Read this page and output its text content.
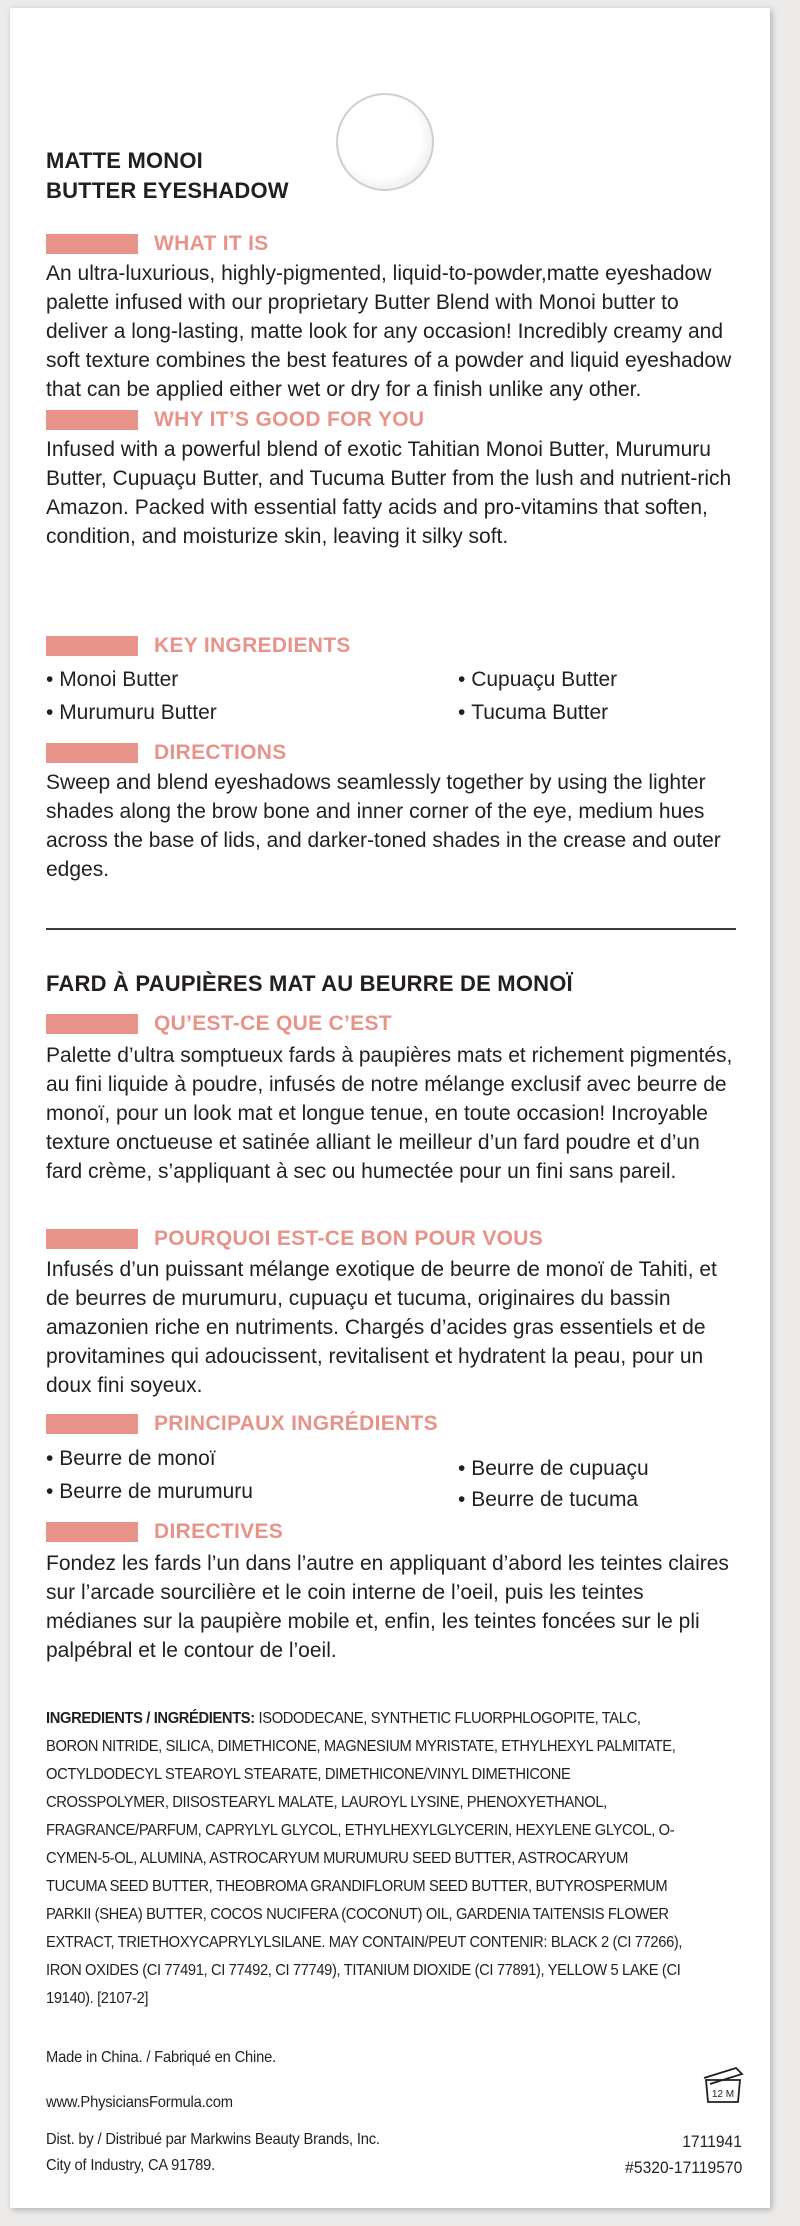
MATTE MONOI
BUTTER EYESHADOW
WHAT IT IS
An ultra-luxurious, highly-pigmented, liquid-to-powder,matte eyeshadow palette infused with our proprietary Butter Blend with Monoi butter to deliver a long-lasting, matte look for any occasion! Incredibly creamy and soft texture combines the best features of a powder and liquid eyeshadow that can be applied either wet or dry for a finish unlike any other.
WHY IT’S GOOD FOR YOU
Infused with a powerful blend of exotic Tahitian Monoi Butter, Murumuru Butter, Cupuaçu Butter, and Tucuma Butter from the lush and nutrient-rich Amazon. Packed with essential fatty acids and pro-vitamins that soften, condition, and moisturize skin, leaving it silky soft.
KEY INGREDIENTS
• Monoi Butter
• Murumuru Butter
• Cupuaçu Butter
• Tucuma Butter
DIRECTIONS
Sweep and blend eyeshadows seamlessly together by using the lighter shades along the brow bone and inner corner of the eye, medium hues across the base of lids, and darker-toned shades in the crease and outer edges.
FARD À PAUPIÈRES MAT AU BEURRE DE MONOÏ
QU’EST-CE QUE C’EST
Palette d’ultra somptueux fards à paupières mats et richement pigmentés, au fini liquide à poudre, infusés de notre mélange exclusif avec beurre de monoï, pour un look mat et longue tenue, en toute occasion! Incroyable texture onctueuse et satinée alliant le meilleur d’un fard poudre et d’un fard crème, s’appliquant à sec ou humectée pour un fini sans pareil.
POURQUOI EST-CE BON POUR VOUS
Infusés d’un puissant mélange exotique de beurre de monoï de Tahiti, et de beurres de murumuru, cupuaçu et tucuma, originaires du bassin amazonien riche en nutriments. Chargés d’acides gras essentiels et de provitamines qui adoucissent, revitalisent et hydratent la peau, pour un doux fini soyeux.
PRINCIPAUX INGRÉDIENTS
• Beurre de monoï
• Beurre de murumuru
• Beurre de cupuaçu
• Beurre de tucuma
DIRECTIVES
Fondez les fards l’un dans l’autre en appliquant d’abord les teintes claires sur l’arcade sourcilière et le coin interne de l’oeil, puis les teintes médianes sur la paupière mobile et, enfin, les teintes foncées sur le pli palpébral et le contour de l’oeil.
INGREDIENTS / INGRÉDIENTS: ISODODECANE, SYNTHETIC FLUORPHLOGOPITE, TALC, BORON NITRIDE, SILICA, DIMETHICONE, MAGNESIUM MYRISTATE, ETHYLHEXYL PALMITATE, OCTYLDODECYL STEAROYL STEARATE, DIMETHICONE/VINYL DIMETHICONE CROSSPOLYMER, DIISOSTEARYL MALATE, LAUROYL LYSINE, PHENOXYETHANOL, FRAGRANCE/PARFUM, CAPRYLYL GLYCOL, ETHYLHEXYLGLYCERIN, HEXYLENE GLYCOL, O-CYMEN-5-OL, ALUMINA, ASTROCARYUM MURUMURU SEED BUTTER, ASTROCARYUM TUCUMA SEED BUTTER, THEOBROMA GRANDIFLORUM SEED BUTTER, BUTYROSPERMUM PARKII (SHEA) BUTTER, COCOS NUCIFERA (COCONUT) OIL, GARDENIA TAITENSIS FLOWER EXTRACT, TRIETHOXYCAPRYLYLSILANE. MAY CONTAIN/PEUT CONTENIR: BLACK 2 (CI 77266), IRON OXIDES (CI 77491, CI 77492, CI 77749), TITANIUM DIOXIDE (CI 77891), YELLOW 5 LAKE (CI 19140). [2107-2]
Made in China. / Fabriqué en Chine.
www.PhysiciansFormula.com
Dist. by / Distribué par Markwins Beauty Brands, Inc.
City of Industry, CA 91789.
12 M
1711941
#5320-17119570
